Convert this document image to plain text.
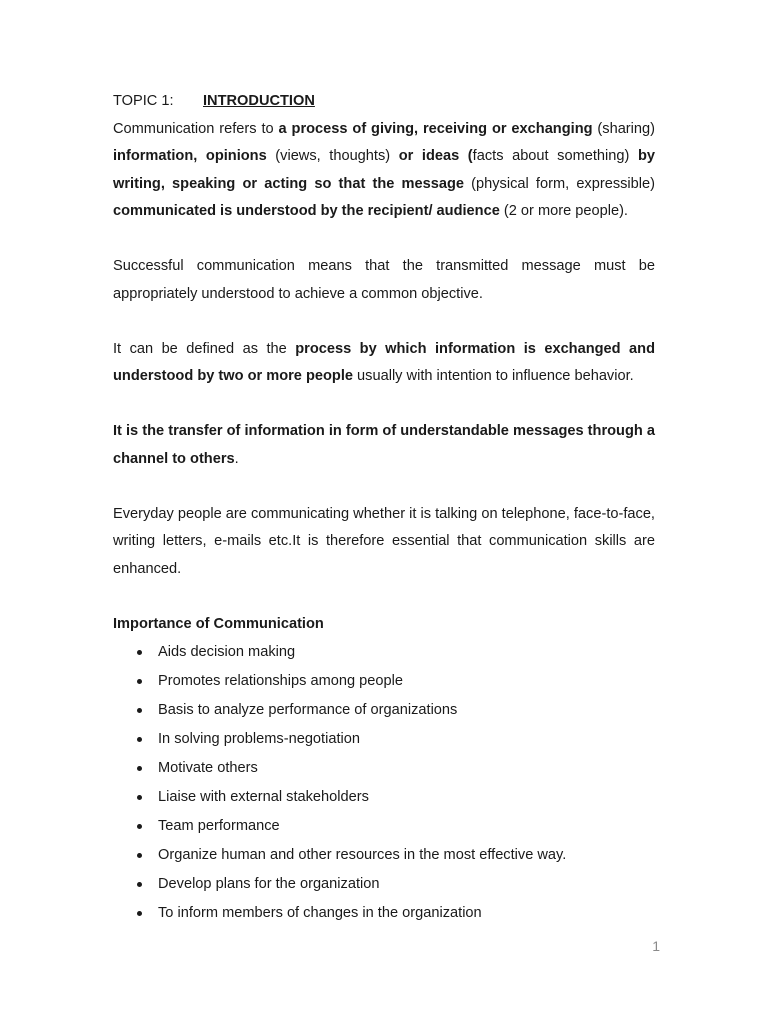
TOPIC 1: INTRODUCTION

Communication refers to a process of giving, receiving or exchanging (sharing) information, opinions (views, thoughts) or ideas (facts about something) by writing, speaking or acting so that the message (physical form, expressible) communicated is understood by the recipient/ audience (2 or more people).

Successful communication means that the transmitted message must be appropriately understood to achieve a common objective.

It can be defined as the process by which information is exchanged and understood by two or more people usually with intention to influence behavior.

It is the transfer of information in form of understandable messages through a channel to others.

Everyday people are communicating whether it is talking on telephone, face-to-face, writing letters, e-mails etc.It is therefore essential that communication skills are enhanced.

Importance of Communication
Aids decision making
Promotes relationships among people
Basis to analyze performance of organizations
In solving problems-negotiation
Motivate others
Liaise with external stakeholders
Team performance
Organize human and other resources in the most effective way.
Develop plans for the organization
To inform members of changes in the organization
1
